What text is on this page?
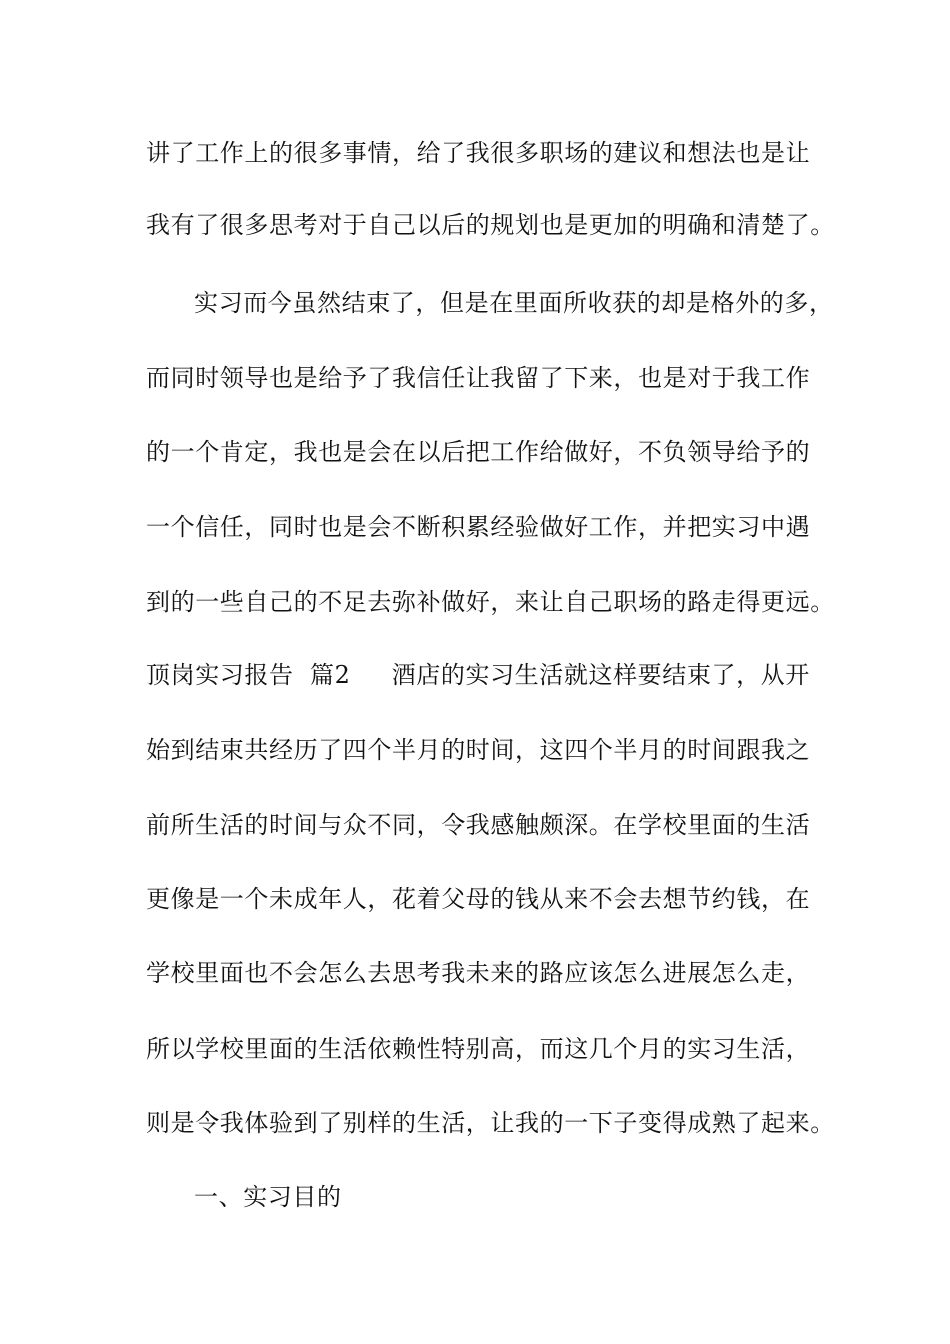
讲了工作上的很多事情，给了我很多职场的建议和想法也是让
我有了很多思考对于自己以后的规划也是更加的明确和清楚了。
实习而今虽然结束了，但是在里面所收获的却是格外的多，
而同时领导也是给予了我信任让我留了下来，也是对于我工作
的一个肯定，我也是会在以后把工作给做好，不负领导给予的
一个信任，同时也是会不断积累经验做好工作，并把实习中遇
到的一些自己的不足去弥补做好，来让自己职场的路走得更远。
顶岗实习报告  篇2     酒店的实习生活就这样要结束了，从开
始到结束共经历了四个半月的时间，这四个半月的时间跟我之
前所生活的时间与众不同，令我感触颇深。在学校里面的生活
更像是一个未成年人，花着父母的钱从来不会去想节约钱，在
学校里面也不会怎么去思考我未来的路应该怎么进展怎么走，
所以学校里面的生活依赖性特别高，而这几个月的实习生活，
则是令我体验到了别样的生活，让我的一下子变得成熟了起来。
一、实习目的
